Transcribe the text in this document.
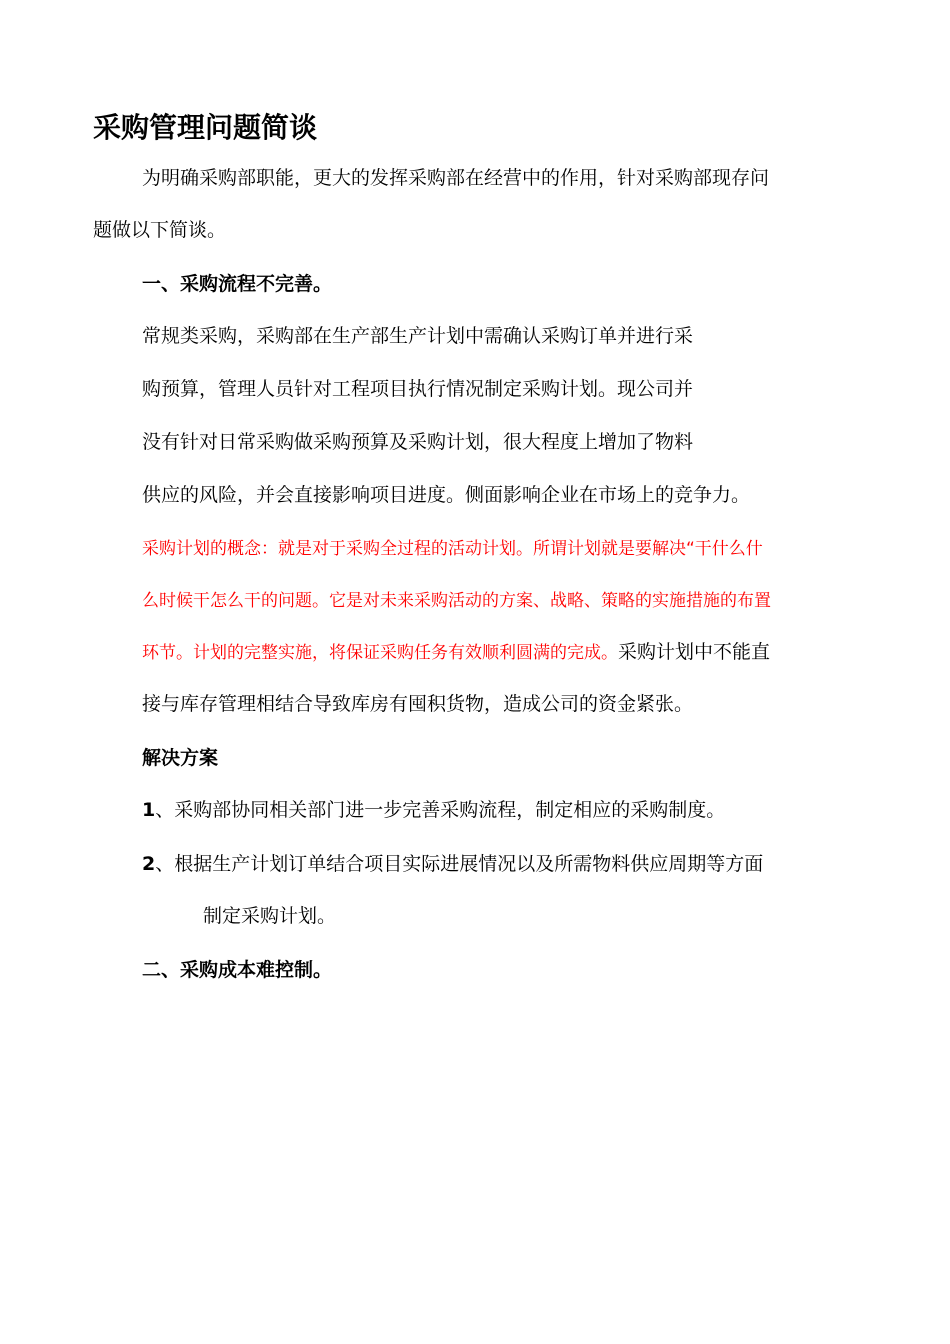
采购管理问题简谈
为明确采购部职能，更大的发挥采购部在经营中的作用，针对采购部现存问
题做以下简谈。
一、采购流程不完善。
常规类采购，采购部在生产部生产计划中需确认采购订单并进行采
购预算，管理人员针对工程项目执行情况制定采购计划。现公司并
没有针对日常采购做采购预算及采购计划，很大程度上增加了物料
供应的风险，并会直接影响项目进度。侧面影响企业在市场上的竞争力。
采购计划的概念：就是对于采购全过程的活动计划。所谓计划就是要解决“干什么什
么时候干怎么干的问题。它是对未来采购活动的方案、战略、策略的实施措施的布置
环节。计划的完整实施，将保证采购任务有效顺利圆满的完成。采购计划中不能直
接与库存管理相结合导致库房有囤积货物，造成公司的资金紧张。
解决方案
1、采购部协同相关部门进一步完善采购流程，制定相应的采购制度。
2、根据生产计划订单结合项目实际进展情况以及所需物料供应周期等方面
制定采购计划。
二、采购成本难控制。
